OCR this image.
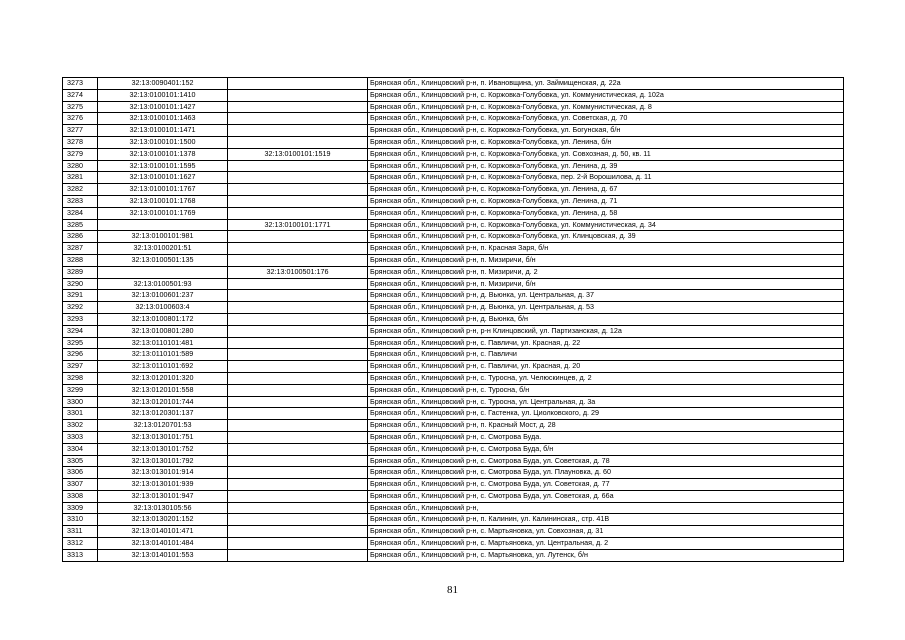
3273	32:13:0090401:152		Брянская обл., Клинцовский р-н, п. Ивановщина, ул. Займищенская, д. 22а
3274	32:13:0100101:1410		Брянская обл., Клинцовский р-н, с. Коржовка-Голубовка, ул. Коммунистическая, д. 102а
3275	32:13:0100101:1427		Брянская обл., Клинцовский р-н, с. Коржовка-Голубовка, ул. Коммунистическая, д. 8
3276	32:13:0100101:1463		Брянская обл., Клинцовский р-н, с. Коржовка-Голубовка, ул. Советская, д. 70
3277	32:13:0100101:1471		Брянская обл., Клинцовский р-н, с. Коржовка-Голубовка, ул. Богунская, б/н
3278	32:13:0100101:1500		Брянская обл., Клинцовский р-н, с. Коржовка-Голубовка, ул. Ленина, б/н
3279	32:13:0100101:1378	32:13:0100101:1519	Брянская обл., Клинцовский р-н, с. Коржовка-Голубовка, ул. Совхозная, д. 50, кв. 11
3280	32:13:0100101:1595		Брянская обл., Клинцовский р-н, с. Коржовка-Голубовка, ул. Ленина, д. 39
3281	32:13:0100101:1627		Брянская обл., Клинцовский р-н, с. Коржовка-Голубовка, пер. 2-й Ворошилова, д. 11
3282	32:13:0100101:1767		Брянская обл., Клинцовский р-н, с. Коржовка-Голубовка, ул. Ленина, д. 67
3283	32:13:0100101:1768		Брянская обл., Клинцовский р-н, с. Коржовка-Голубовка, ул. Ленина, д. 71
3284	32:13:0100101:1769		Брянская обл., Клинцовский р-н, с. Коржовка-Голубовка, ул. Ленина, д. 58
3285		32:13:0100101:1771	Брянская обл., Клинцовский р-н, с. Коржовка-Голубовка, ул. Коммунистическая, д. 34
3286	32:13:0100101:981		Брянская обл., Клинцовский р-н, с. Коржовка-Голубовка, ул. Клинцовская, д. 39
3287	32:13:0100201:51		Брянская обл., Клинцовский р-н, п. Красная Заря, б/н
3288	32:13:0100501:135		Брянская обл., Клинцовский р-н, п. Мизиричи, б/н
3289		32:13:0100501:176	Брянская обл., Клинцовский р-н, п. Мизиричи, д. 2
3290	32:13:0100501:93		Брянская обл., Клинцовский р-н, п. Мизиричи, б/н
3291	32:13:0100601:237		Брянская обл., Клинцовский р-н, д. Вьюнка, ул. Центральная, д. 37
3292	32:13:0100603:4		Брянская обл., Клинцовский р-н, д. Вьюнка, ул. Центральная, д. 53
3293	32:13:0100801:172		Брянская обл., Клинцовский р-н, д. Вьюнка, б/н
3294	32:13:0100801:280		Брянская обл., Клинцовский р-н, р-н Клинцовский, ул. Партизанская, д. 12а
3295	32:13:0110101:481		Брянская обл., Клинцовский р-н, с. Павличи, ул. Красная, д. 22
3296	32:13:0110101:589		Брянская обл., Клинцовский р-н, с. Павличи
3297	32:13:0110101:692		Брянская обл., Клинцовский р-н, с. Павличи, ул. Красная, д. 20
3298	32:13:0120101:320		Брянская обл., Клинцовский р-н, с. Туросна, ул. Челюскинцев, д. 2
3299	32:13:0120101:558		Брянская обл., Клинцовский р-н, с. Туросна, б/н
3300	32:13:0120101:744		Брянская обл., Клинцовский р-н, с. Туросна, ул. Центральная, д. 3а
3301	32:13:0120301:137		Брянская обл., Клинцовский р-н, с. Гастенка, ул. Циолковского, д. 29
3302	32:13:0120701:53		Брянская обл., Клинцовский р-н, п. Красный Мост, д. 28
3303	32:13:0130101:751		Брянская обл., Клинцовский р-н, с. Смотрова Буда.
3304	32:13:0130101:752		Брянская обл., Клинцовский р-н, с. Смотрова Буда, б/н
3305	32:13:0130101:792		Брянская обл., Клинцовский р-н, с. Смотрова Буда, ул. Советская, д. 78
3306	32:13:0130101:914		Брянская обл., Клинцовский р-н, с. Смотрова Буда, ул. Плауновка, д. 60
3307	32:13:0130101:939		Брянская обл., Клинцовский р-н, с. Смотрова Буда, ул. Советская, д. 77
3308	32:13:0130101:947		Брянская обл., Клинцовский р-н, с. Смотрова Буда, ул. Советская, д. 66а
3309	32:13:0130105:56		Брянская обл., Клинцовский р-н,
3310	32:13:0130201:152		Брянская обл., Клинцовский р-н, п. Калинин, ул. Калининская,, стр. 41В
3311	32:13:0140101:471		Брянская обл., Клинцовский р-н, с. Мартьяновка, ул. Совхозная, д. 31
3312	32:13:0140101:484		Брянская обл., Клинцовский р-н, с. Мартьяновка, ул. Центральная, д. 2
3313	32:13:0140101:553		Брянская обл., Клинцовский р-н, с. Мартьяновка, ул. Лутенск, б/н
81
